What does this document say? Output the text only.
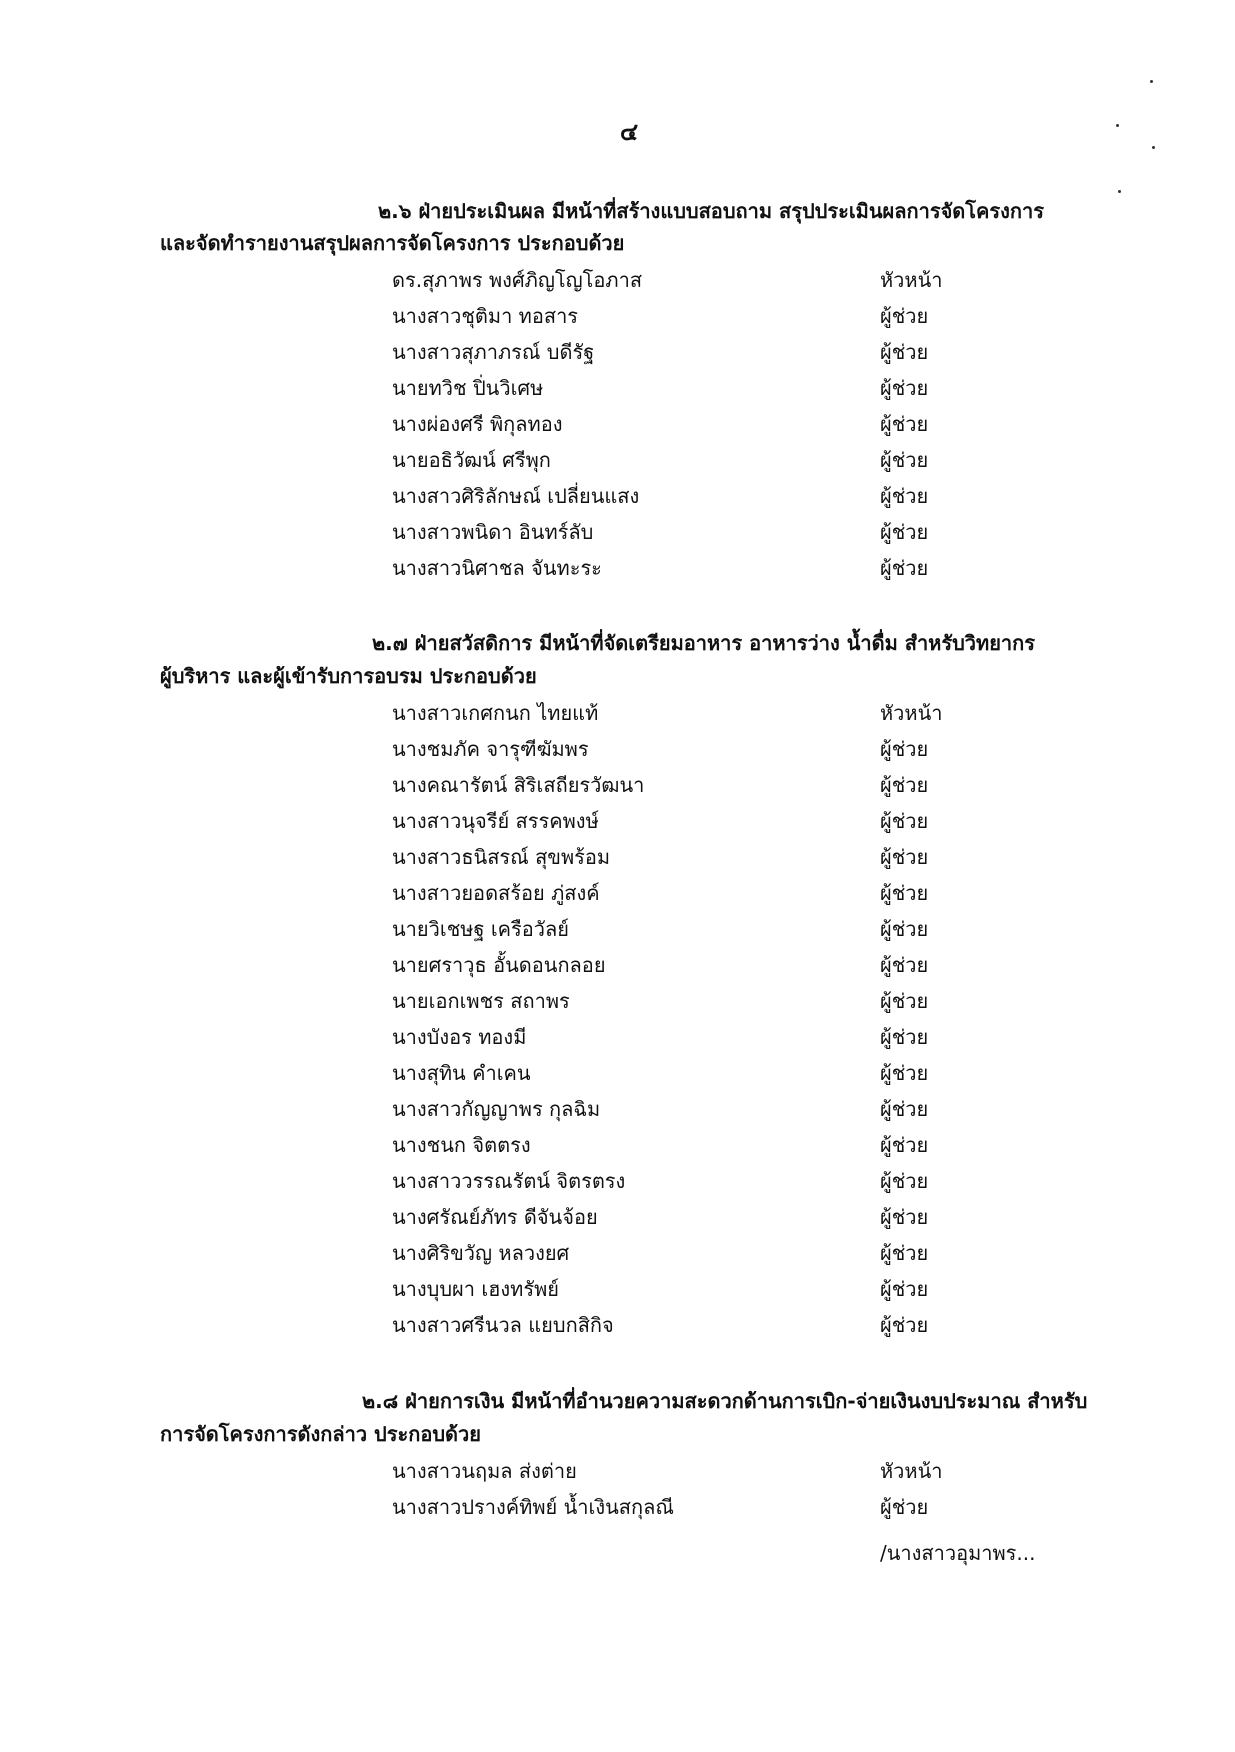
๔
๒.๖ ฝ่ายประเมินผล มีหน้าที่สร้างแบบสอบถาม สรุปประเมินผลการจัดโครงการ
และจัดทำรายงานสรุปผลการจัดโครงการ ประกอบด้วย
ดร.สุภาพร พงศ์ภิญโญโอภาส	หัวหน้า
นางสาวชุติมา ทอสาร	ผู้ช่วย
นางสาวสุภาภรณ์ บดีรัฐ	ผู้ช่วย
นายทวิช ปิ่นวิเศษ	ผู้ช่วย
นางผ่องศรี พิกุลทอง	ผู้ช่วย
นายอธิวัฒน์ ศรีพุก	ผู้ช่วย
นางสาวศิริลักษณ์ เปลี่ยนแสง	ผู้ช่วย
นางสาวพนิดา อินทร์ลับ	ผู้ช่วย
นางสาวนิศาชล จันทะระ	ผู้ช่วย
๒.๗ ฝ่ายสวัสดิการ มีหน้าที่จัดเตรียมอาหาร อาหารว่าง น้ำดื่ม สำหรับวิทยากร
ผู้บริหาร และผู้เข้ารับการอบรม ประกอบด้วย
นางสาวเกศกนก ไทยแท้	หัวหน้า
นางชมภัค จารุฑีฆัมพร	ผู้ช่วย
นางคณารัตน์ สิริเสถียรวัฒนา	ผู้ช่วย
นางสาวนุจรีย์ สรรคพงษ์	ผู้ช่วย
นางสาวธนิสรณ์ สุขพร้อม	ผู้ช่วย
นางสาวยอดสร้อย ภู่สงค์	ผู้ช่วย
นายวิเชษฐ เครือวัลย์	ผู้ช่วย
นายศราวุธ อั้นดอนกลอย	ผู้ช่วย
นายเอกเพชร สถาพร	ผู้ช่วย
นางบังอร ทองมี	ผู้ช่วย
นางสุทิน คำเคน	ผู้ช่วย
นางสาวกัญญาพร กุลฉิม	ผู้ช่วย
นางชนก จิตตรง	ผู้ช่วย
นางสาววรรณรัตน์ จิตรตรง	ผู้ช่วย
นางศรัณย์ภัทร ดีจันจ้อย	ผู้ช่วย
นางศิริขวัญ หลวงยศ	ผู้ช่วย
นางบุบผา เฮงทรัพย์	ผู้ช่วย
นางสาวศรีนวล แยบกสิกิจ	ผู้ช่วย
๒.๘ ฝ่ายการเงิน มีหน้าที่อำนวยความสะดวกด้านการเบิก-จ่ายเงินงบประมาณ สำหรับ
การจัดโครงการดังกล่าว ประกอบด้วย
นางสาวนฤมล ส่งต่าย	หัวหน้า
นางสาวปรางค์ทิพย์ น้ำเงินสกุลณี	ผู้ช่วย
/นางสาวอุมาพร...
